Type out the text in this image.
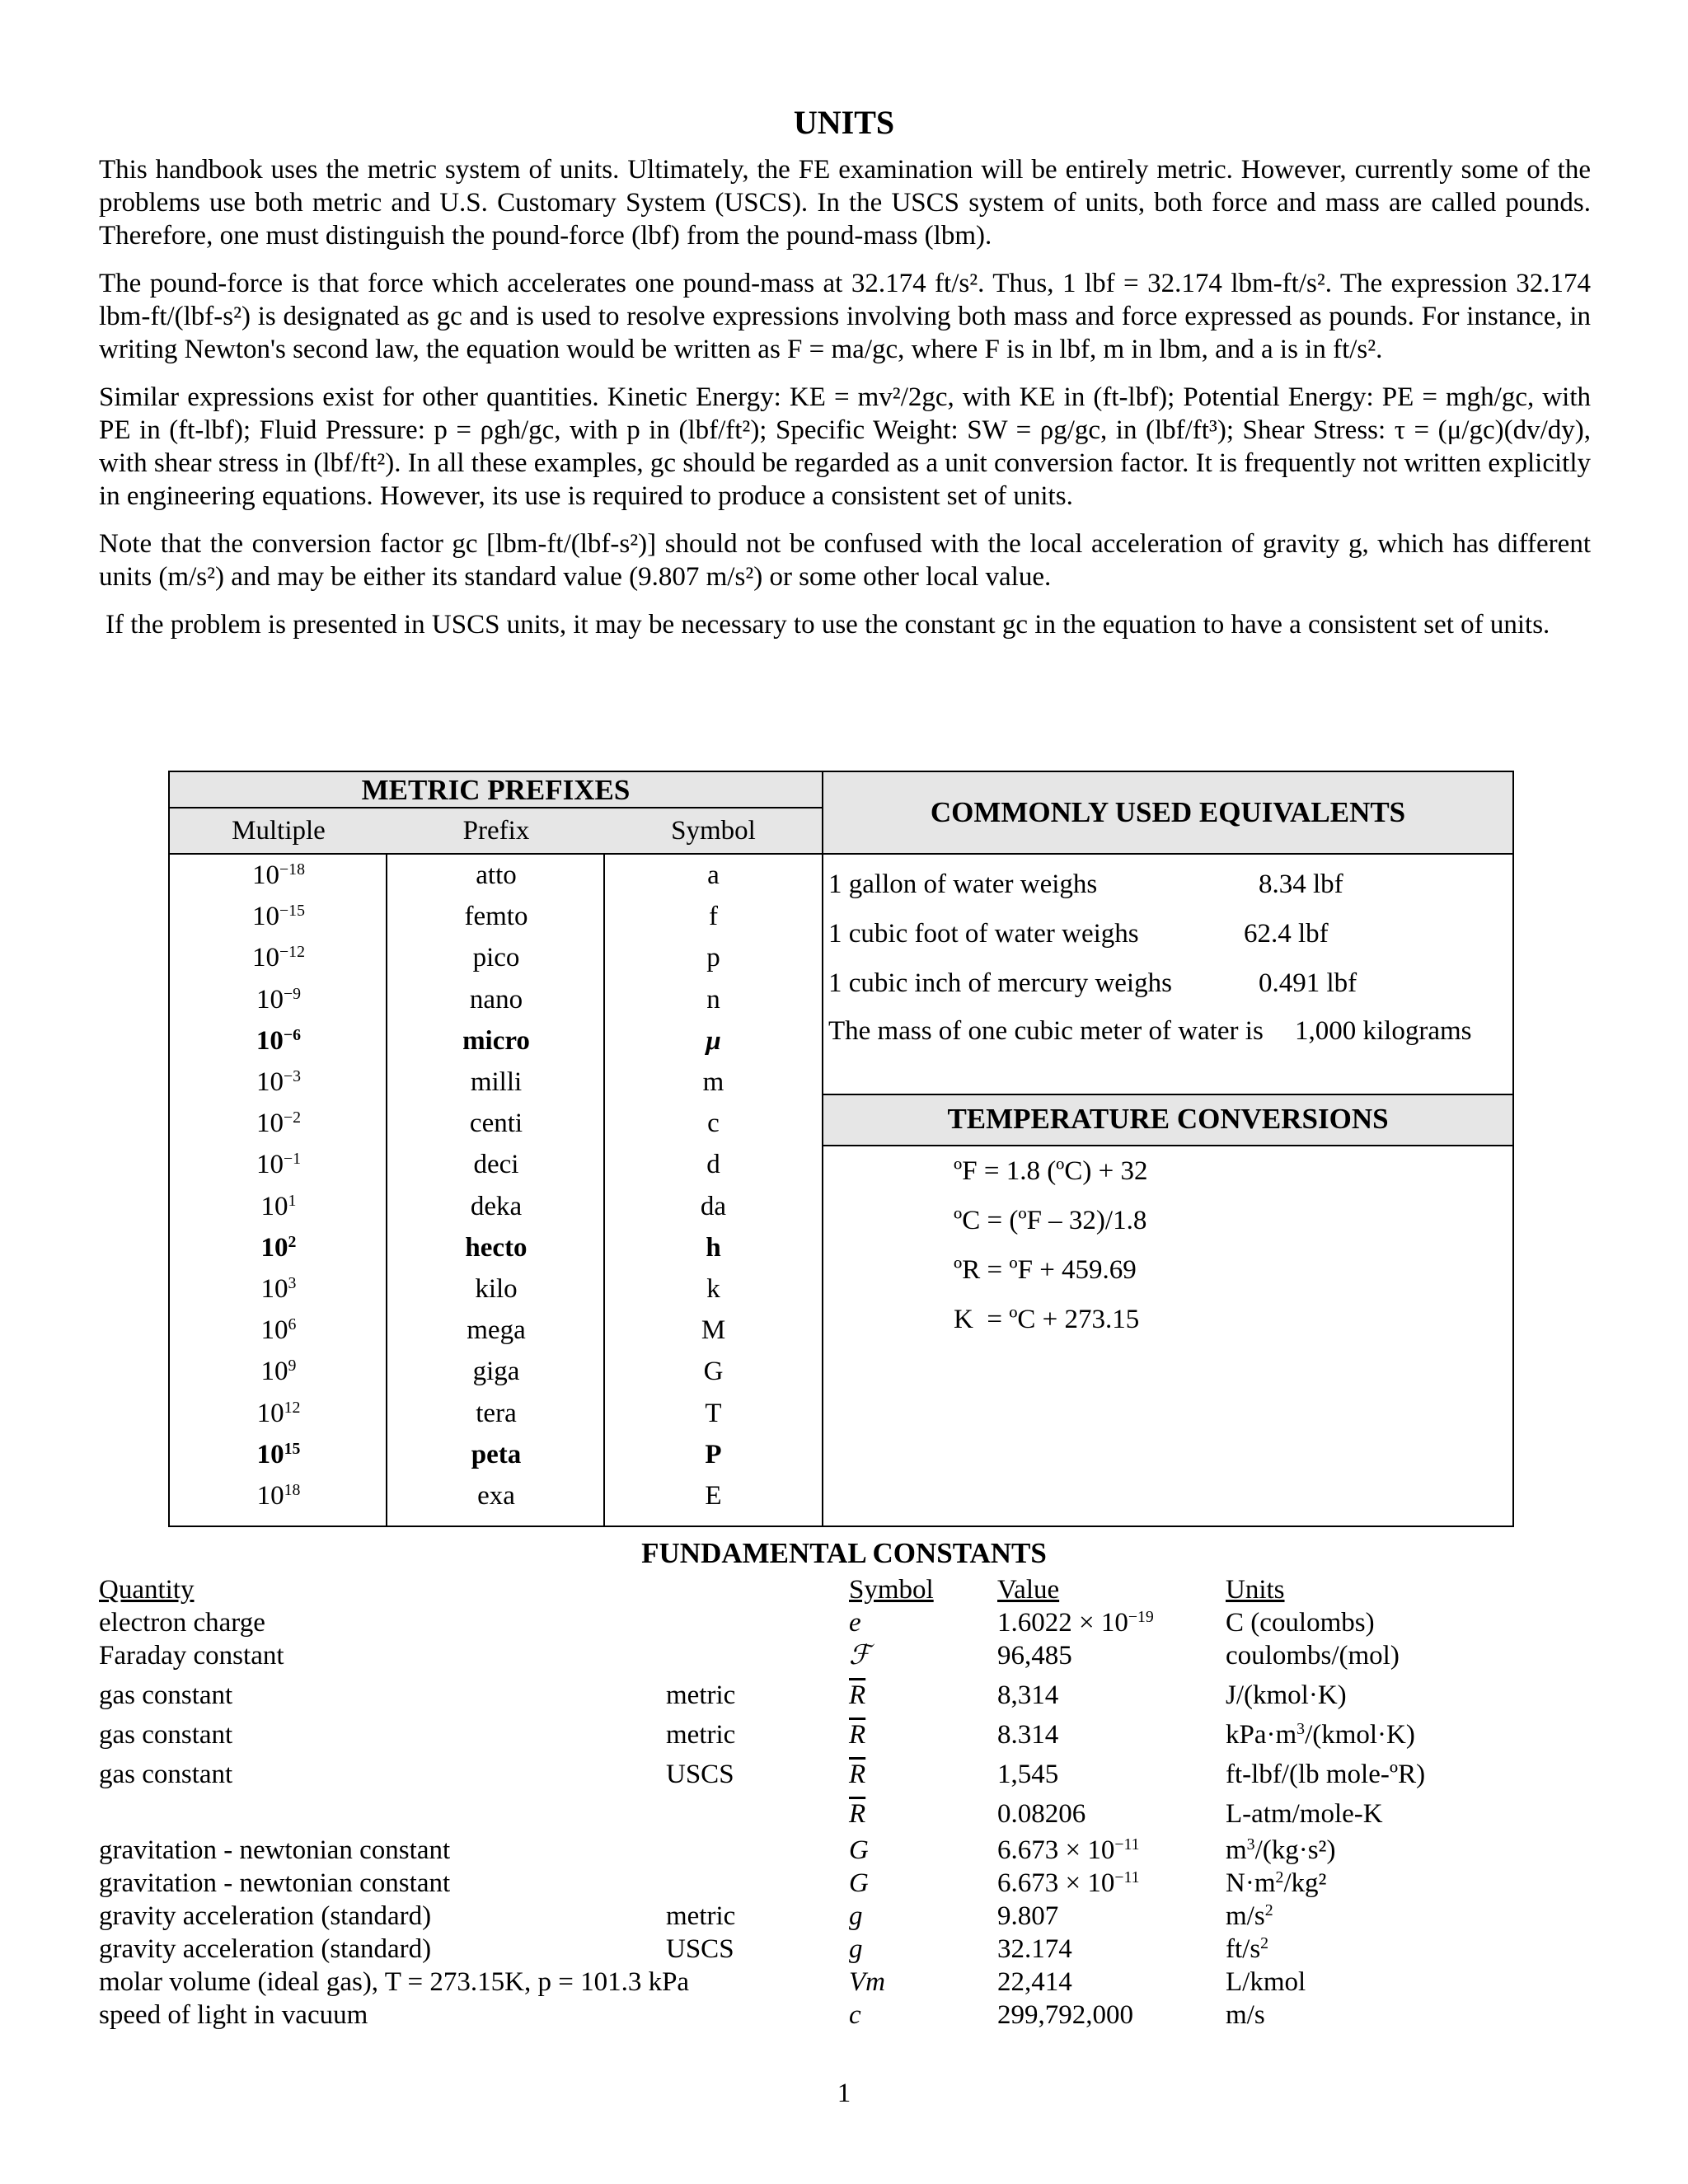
UNITS

This handbook uses the metric system of units. Ultimately, the FE examination will be entirely metric. However, currently some of the problems use both metric and U.S. Customary System (USCS). In the USCS system of units, both force and mass are called pounds. Therefore, one must distinguish the pound-force (lbf) from the pound-mass (lbm).

The pound-force is that force which accelerates one pound-mass at 32.174 ft/s². Thus, 1 lbf = 32.174 lbm-ft/s². The expression 32.174 lbm-ft/(lbf-s²) is designated as gc and is used to resolve expressions involving both mass and force expressed as pounds. For instance, in writing Newton's second law, the equation would be written as F = ma/gc, where F is in lbf, m in lbm, and a is in ft/s².

Similar expressions exist for other quantities. Kinetic Energy: KE = mv²/2gc, with KE in (ft-lbf); Potential Energy: PE = mgh/gc, with PE in (ft-lbf); Fluid Pressure: p = ρgh/gc, with p in (lbf/ft²); Specific Weight: SW = ρg/gc, in (lbf/ft³); Shear Stress: τ = (μ/gc)(dv/dy), with shear stress in (lbf/ft²). In all these examples, gc should be regarded as a unit conversion factor. It is frequently not written explicitly in engineering equations. However, its use is required to produce a consistent set of units.

Note that the conversion factor gc [lbm-ft/(lbf-s²)] should not be confused with the local acceleration of gravity g, which has different units (m/s²) and may be either its standard value (9.807 m/s²) or some other local value.

If the problem is presented in USCS units, it may be necessary to use the constant gc in the equation to have a consistent set of units.

METRIC PREFIXES
Multiple	Prefix	Symbol
$10^{-18}$	atto	a
$10^{-15}$	femto	f
$10^{-12}$	pico	p
$10^{-9}$	nano	n
$10^{-6}$	micro	μ
$10^{-3}$	milli	m
$10^{-2}$	centi	c
$10^{-1}$	deci	d
$10^1$	deka	da
$10^2$	hecto	h
$10^3$	kilo	k
$10^6$	mega	M
$10^9$	giga	G
$10^{12}$	tera	T
$10^{15}$	peta	P
$10^{18}$	exa	E
COMMONLY USED EQUIVALENTS
1 gallon of water weighs	8.34 lbf
1 cubic foot of water weighs	62.4 lbf
1 cubic inch of mercury weighs	0.491 lbf
The mass of one cubic meter of water is 1,000 kilograms
TEMPERATURE CONVERSIONS
ºF = 1.8 (ºC) + 32
ºC = (ºF – 32)/1.8
ºR = ºF + 459.69
K  = ºC + 273.15
FUNDAMENTAL CONSTANTS
Quantity	Symbol Value	Units
electron charge	e	$1.6022 \times 10^{-19}$	C (coulombs)
Faraday constant	ℱ	96,485	coulombs/(mol)
gas constant	metric	$\overline{R}$	8,314	J/(kmol·K)
gas constant	metric	$\overline{R}$	8.314	$kPa\cdot m^3/(kmol\cdot K)$
gas constant	USCS	$\overline{R}$	1,545	ft-lbf/(lb mole-ºR)
$\overline{R}$	0.08206	L-atm/mole-K
gravitation - newtonian constant	G	$6.673 \times 10^{-11}$	$m^3/(kg\cdot s^2)$
gravitation - newtonian constant	G	$6.673 \times 10^{-11}$	$N\cdot m^2$/kg²
gravity acceleration (standard)	metric	g	9.807	$m/s^2$
gravity acceleration (standard)	USCS	g	32.174	$ft/s^2$
molar volume (ideal gas), T = 273.15K, p = 101.3 kPa	Vm	22,414	L/kmol
speed of light in vacuum	c	299,792,000	m/s
1
